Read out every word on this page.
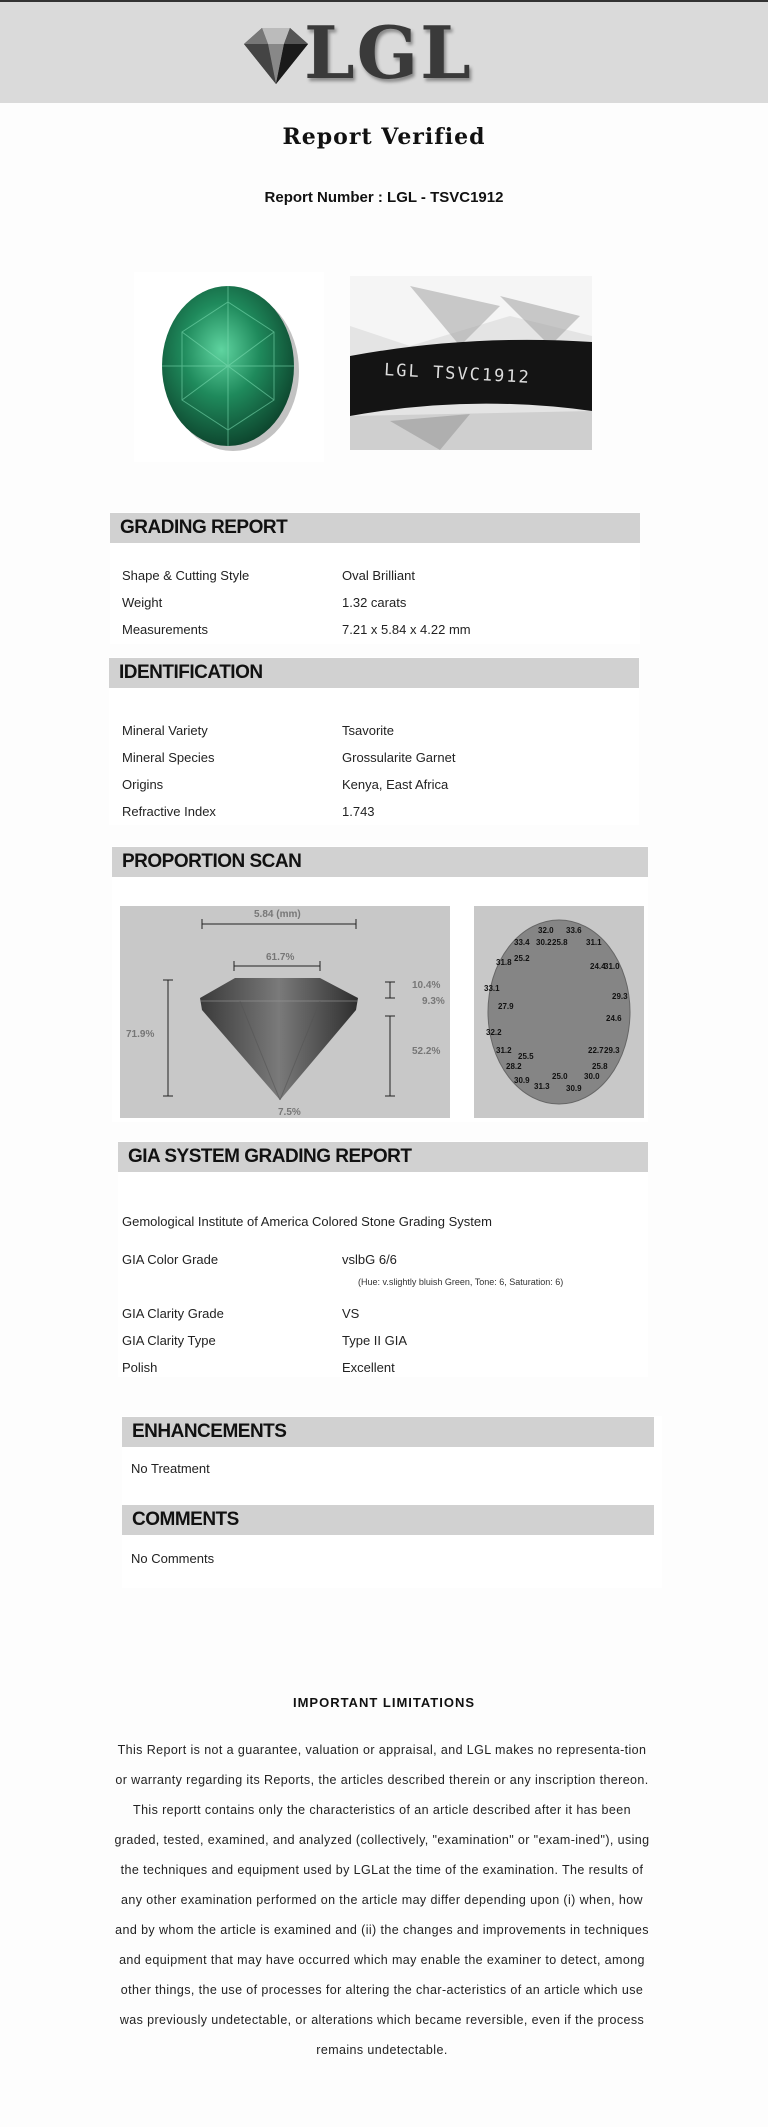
LGL
Report Verified
Report Number : LGL - TSVC1912
LGL TSVC1912
GRADING REPORT
Shape & Cutting Style	Oval Brilliant
Weight	1.32 carats
Measurements	7.21 x 5.84 x 4.22 mm
IDENTIFICATION
Mineral Variety	Tsavorite
Mineral Species	Grossularite Garnet
Origins	Kenya, East Africa
Refractive Index	1.743
PROPORTION SCAN
5.84 (mm)
61.7%
71.9%
10.4%
9.3%
52.2%
7.5%
32.0
33.4 30.2
33.6
25.8 31.1
25.2
31.8	24.4
31.0
33.1
29.3
27.9
24.6
32.2
31.2
25.5
22.7 29.3
28.2	25.8
30.9	25.0 30.0
31.3 30.9
GIA SYSTEM GRADING REPORT
Gemological Institute of America Colored Stone Grading System
GIA Color Grade	vslbG 6/6
(Hue: v.slightly bluish Green, Tone: 6, Saturation: 6)
GIA Clarity Grade	VS
GIA Clarity Type	Type II GIA
Polish	Excellent
ENHANCEMENTS
No Treatment
COMMENTS
No Comments
IMPORTANT LIMITATIONS
This Report is not a guarantee, valuation or appraisal, and LGL makes no representa-tion or warranty regarding its Reports, the articles described therein or any inscription thereon. This reportt contains only the characteristics of an article described after it has been graded, tested, examined, and analyzed (collectively, "examination" or "exam-ined"), using the techniques and equipment used by LGLat the time of the examination. The results of any other examination performed on the article may differ depending upon (i) when, how and by whom the article is examined and (ii) the changes and improvements in techniques and equipment that may have occurred which may enable the examiner to detect, among other things, the use of processes for altering the char-acteristics of an article which use was previously undetectable, or alterations which became reversible, even if the process remains undetectable.
